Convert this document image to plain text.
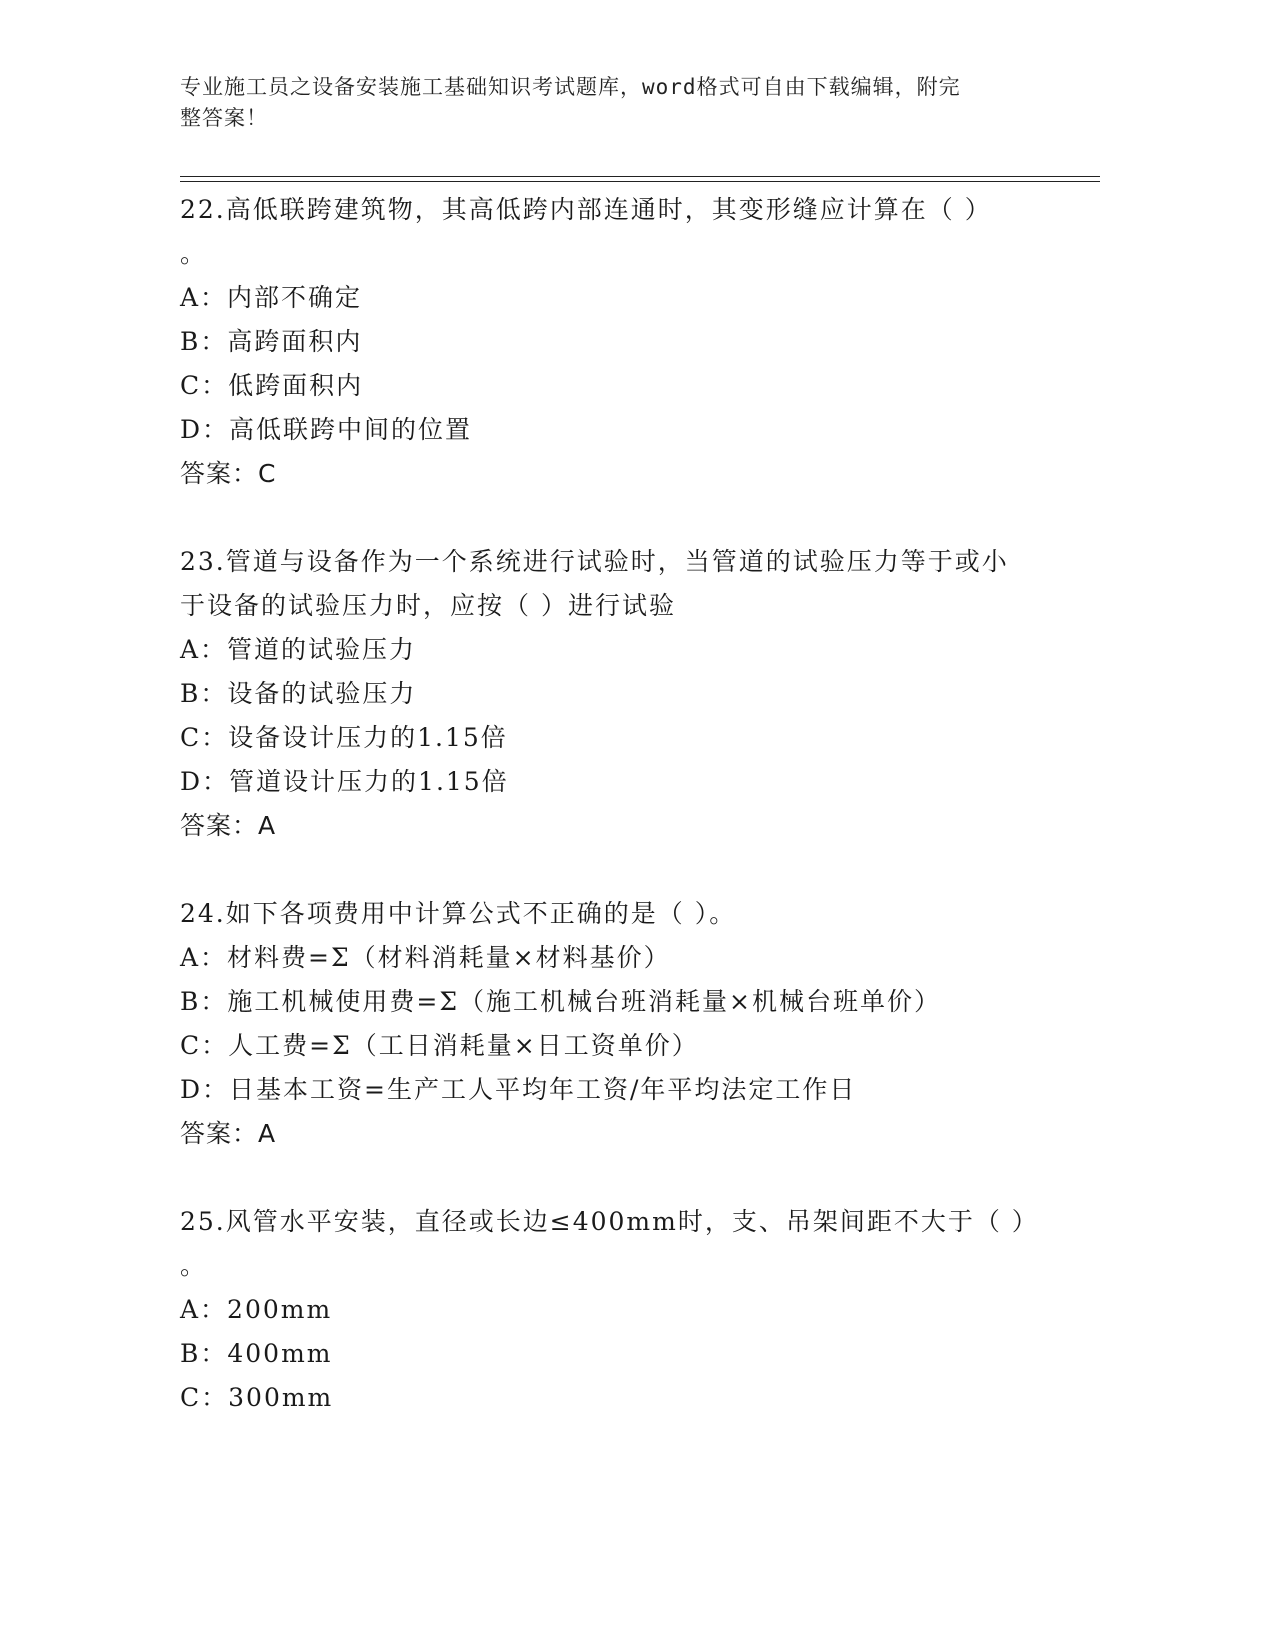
专业施工员之设备安装施工基础知识考试题库，word格式可自由下载编辑，附完
整答案！
22.高低联跨建筑物，其高低跨内部连通时，其变形缝应计算在（ ）
。
A：内部不确定
B：高跨面积内
C：低跨面积内
D：高低联跨中间的位置
答案：C
23.管道与设备作为一个系统进行试验时，当管道的试验压力等于或小
于设备的试验压力时，应按（ ）进行试验
A：管道的试验压力
B：设备的试验压力
C：设备设计压力的1.15倍
D：管道设计压力的1.15倍
答案：A
24.如下各项费用中计算公式不正确的是（ ）。
A：材料费=Σ（材料消耗量×材料基价）
B：施工机械使用费=Σ（施工机械台班消耗量×机械台班单价）
C：人工费=Σ（工日消耗量×日工资单价）
D：日基本工资=生产工人平均年工资/年平均法定工作日
答案：A
25.风管水平安装，直径或长边≤400mm时，支、吊架间距不大于（ ）
。
A：200mm
B：400mm
C：300mm
